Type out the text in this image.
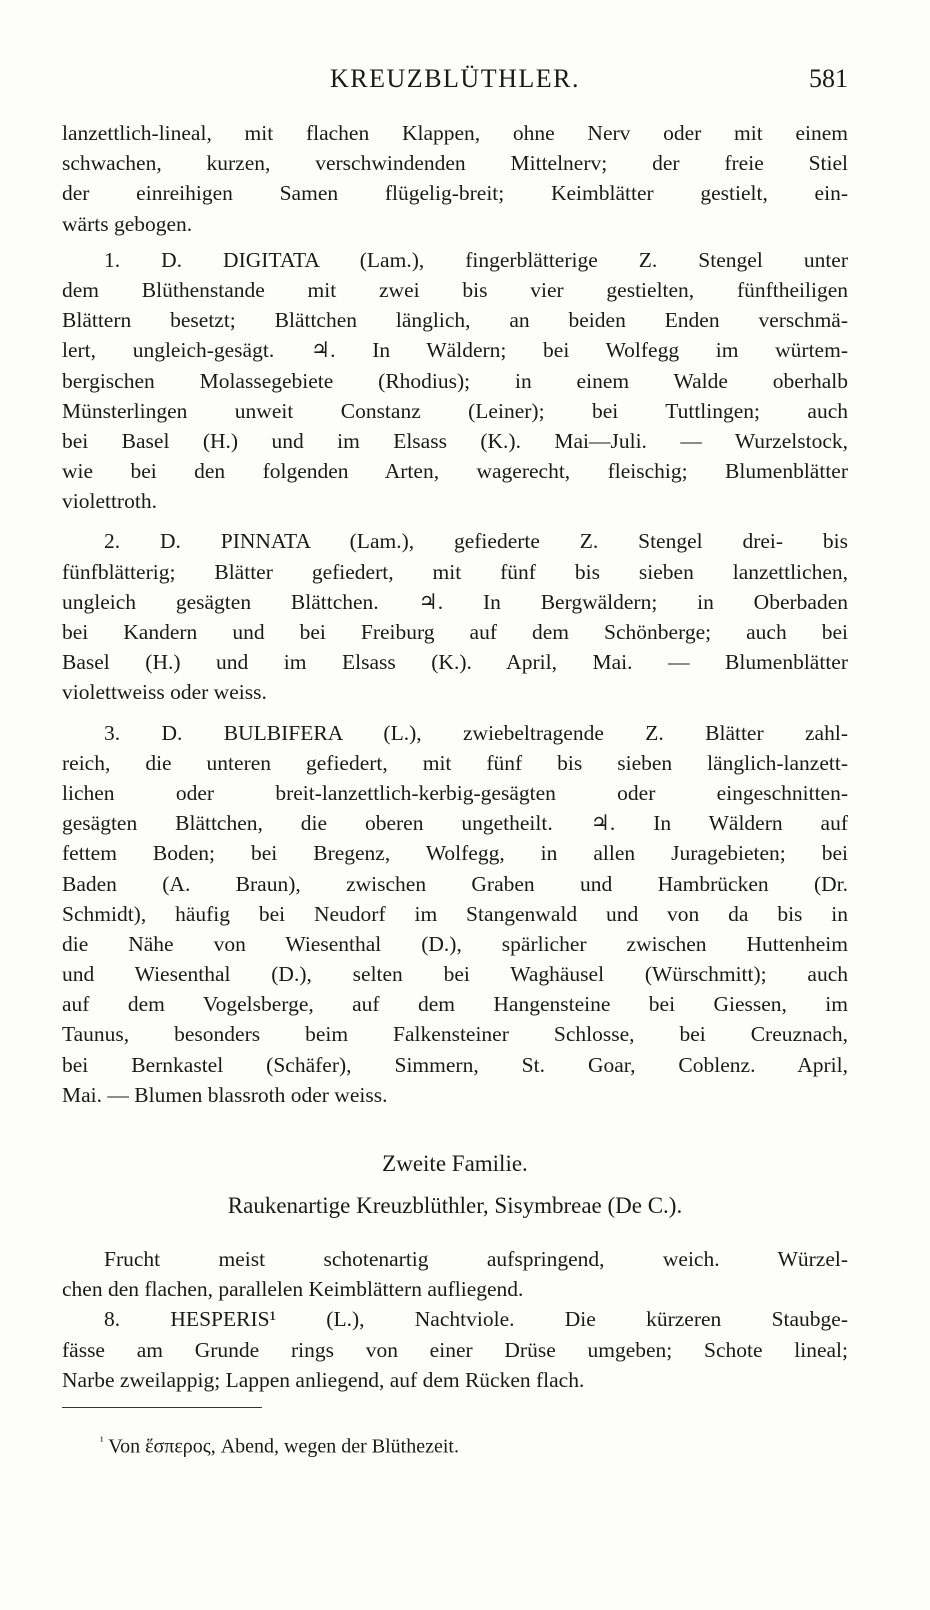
KREUZBLÜTHLER.	581
lanzettlich-lineal, mit flachen Klappen, ohne Nerv oder mit einem
schwachen, kurzen, verschwindenden Mittelnerv; der freie Stiel
der einreihigen Samen flügelig-breit; Keimblätter gestielt, ein-
wärts gebogen.
1. D. DIGITATA (Lam.), fingerblätterige Z. Stengel unter
dem Blüthenstande mit zwei bis vier gestielten, fünftheiligen
Blättern besetzt; Blättchen länglich, an beiden Enden verschmä-
lert, ungleich-gesägt. ♃. In Wäldern; bei Wolfegg im würtem-
bergischen Molassegebiete (Rhodius); in einem Walde oberhalb
Münsterlingen unweit Constanz (Leiner); bei Tuttlingen; auch
bei Basel (H.) und im Elsass (K.). Mai—Juli. — Wurzelstock,
wie bei den folgenden Arten, wagerecht, fleischig; Blumenblätter
violettroth.
2. D. PINNATA (Lam.), gefiederte Z. Stengel drei- bis
fünfblätterig; Blätter gefiedert, mit fünf bis sieben lanzettlichen,
ungleich gesägten Blättchen. ♃. In Bergwäldern; in Oberbaden
bei Kandern und bei Freiburg auf dem Schönberge; auch bei
Basel (H.) und im Elsass (K.). April, Mai. — Blumenblätter
violettweiss oder weiss.
3. D. BULBIFERA (L.), zwiebeltragende Z. Blätter zahl-
reich, die unteren gefiedert, mit fünf bis sieben länglich-lanzett-
lichen oder breit-lanzettlich-kerbig-gesägten oder eingeschnitten-
gesägten Blättchen, die oberen ungetheilt. ♃. In Wäldern auf
fettem Boden; bei Bregenz, Wolfegg, in allen Juragebieten; bei
Baden (A. Braun), zwischen Graben und Hambrücken (Dr.
Schmidt), häufig bei Neudorf im Stangenwald und von da bis in
die Nähe von Wiesenthal (D.), spärlicher zwischen Huttenheim
und Wiesenthal (D.), selten bei Waghäusel (Würschmitt); auch
auf dem Vogelsberge, auf dem Hangensteine bei Giessen, im
Taunus, besonders beim Falkensteiner Schlosse, bei Creuznach,
bei Bernkastel (Schäfer), Simmern, St. Goar, Coblenz. April,
Mai. — Blumen blassroth oder weiss.
Zweite Familie.
Raukenartige Kreuzblüthler, Sisymbreae (De C.).
Frucht meist schotenartig aufspringend, weich. Würzel-
chen den flachen, parallelen Keimblättern aufliegend.
8. HESPERIS¹ (L.), Nachtviole. Die kürzeren Staubge-
fässe am Grunde rings von einer Drüse umgeben; Schote lineal;
Narbe zweilappig; Lappen anliegend, auf dem Rücken flach.
$^{^1}$ Von ἕσπερος, Abend, wegen der Blüthezeit.
